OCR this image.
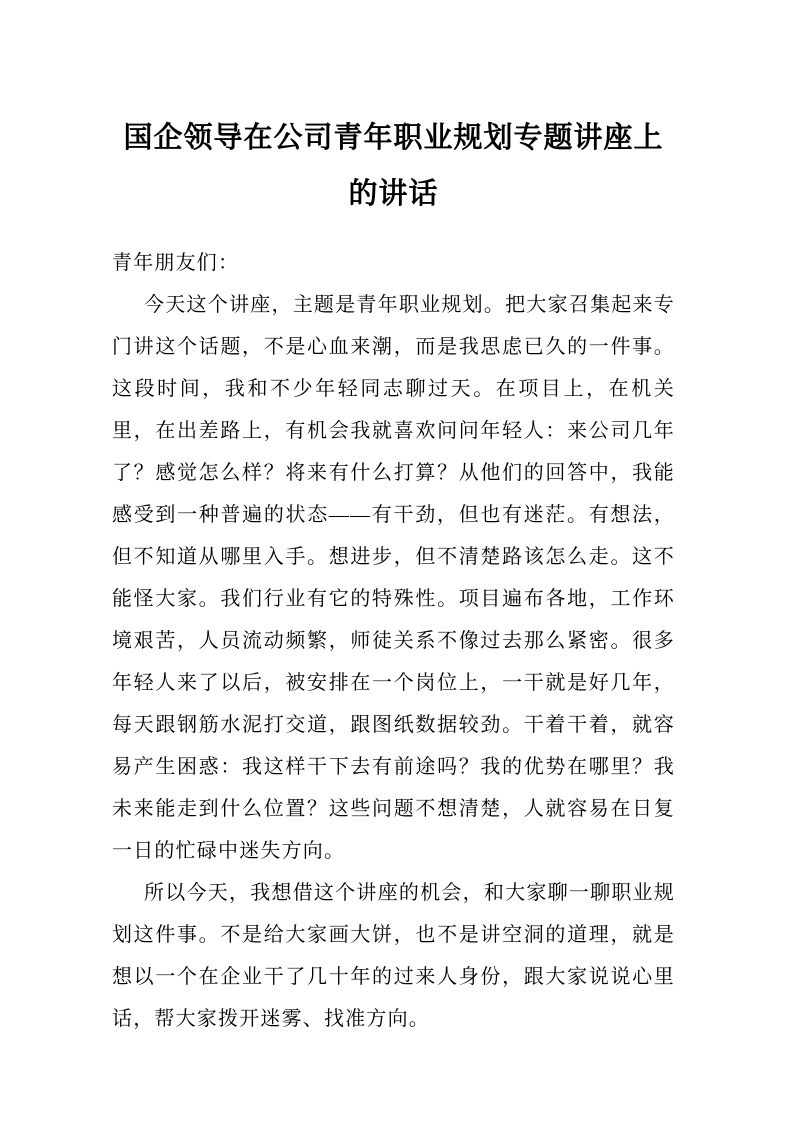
国企领导在公司青年职业规划专题讲座上的讲话

青年朋友们：

今天这个讲座，主题是青年职业规划。把大家召集起来专门讲这个话题，不是心血来潮，而是我思虑已久的一件事。这段时间，我和不少年轻同志聊过天。在项目上，在机关里，在出差路上，有机会我就喜欢问问年轻人：来公司几年了？感觉怎么样？将来有什么打算？从他们的回答中，我能感受到一种普遍的状态——有干劲，但也有迷茫。有想法，但不知道从哪里入手。想进步，但不清楚路该怎么走。这不能怪大家。我们行业有它的特殊性。项目遍布各地，工作环境艰苦，人员流动频繁，师徒关系不像过去那么紧密。很多年轻人来了以后，被安排在一个岗位上，一干就是好几年，每天跟钢筋水泥打交道，跟图纸数据较劲。干着干着，就容易产生困惑：我这样干下去有前途吗？我的优势在哪里？我未来能走到什么位置？这些问题不想清楚，人就容易在日复一日的忙碌中迷失方向。

所以今天，我想借这个讲座的机会，和大家聊一聊职业规划这件事。不是给大家画大饼，也不是讲空洞的道理，就是想以一个在企业干了几十年的过来人身份，跟大家说说心里话，帮大家拨开迷雾、找准方向。
